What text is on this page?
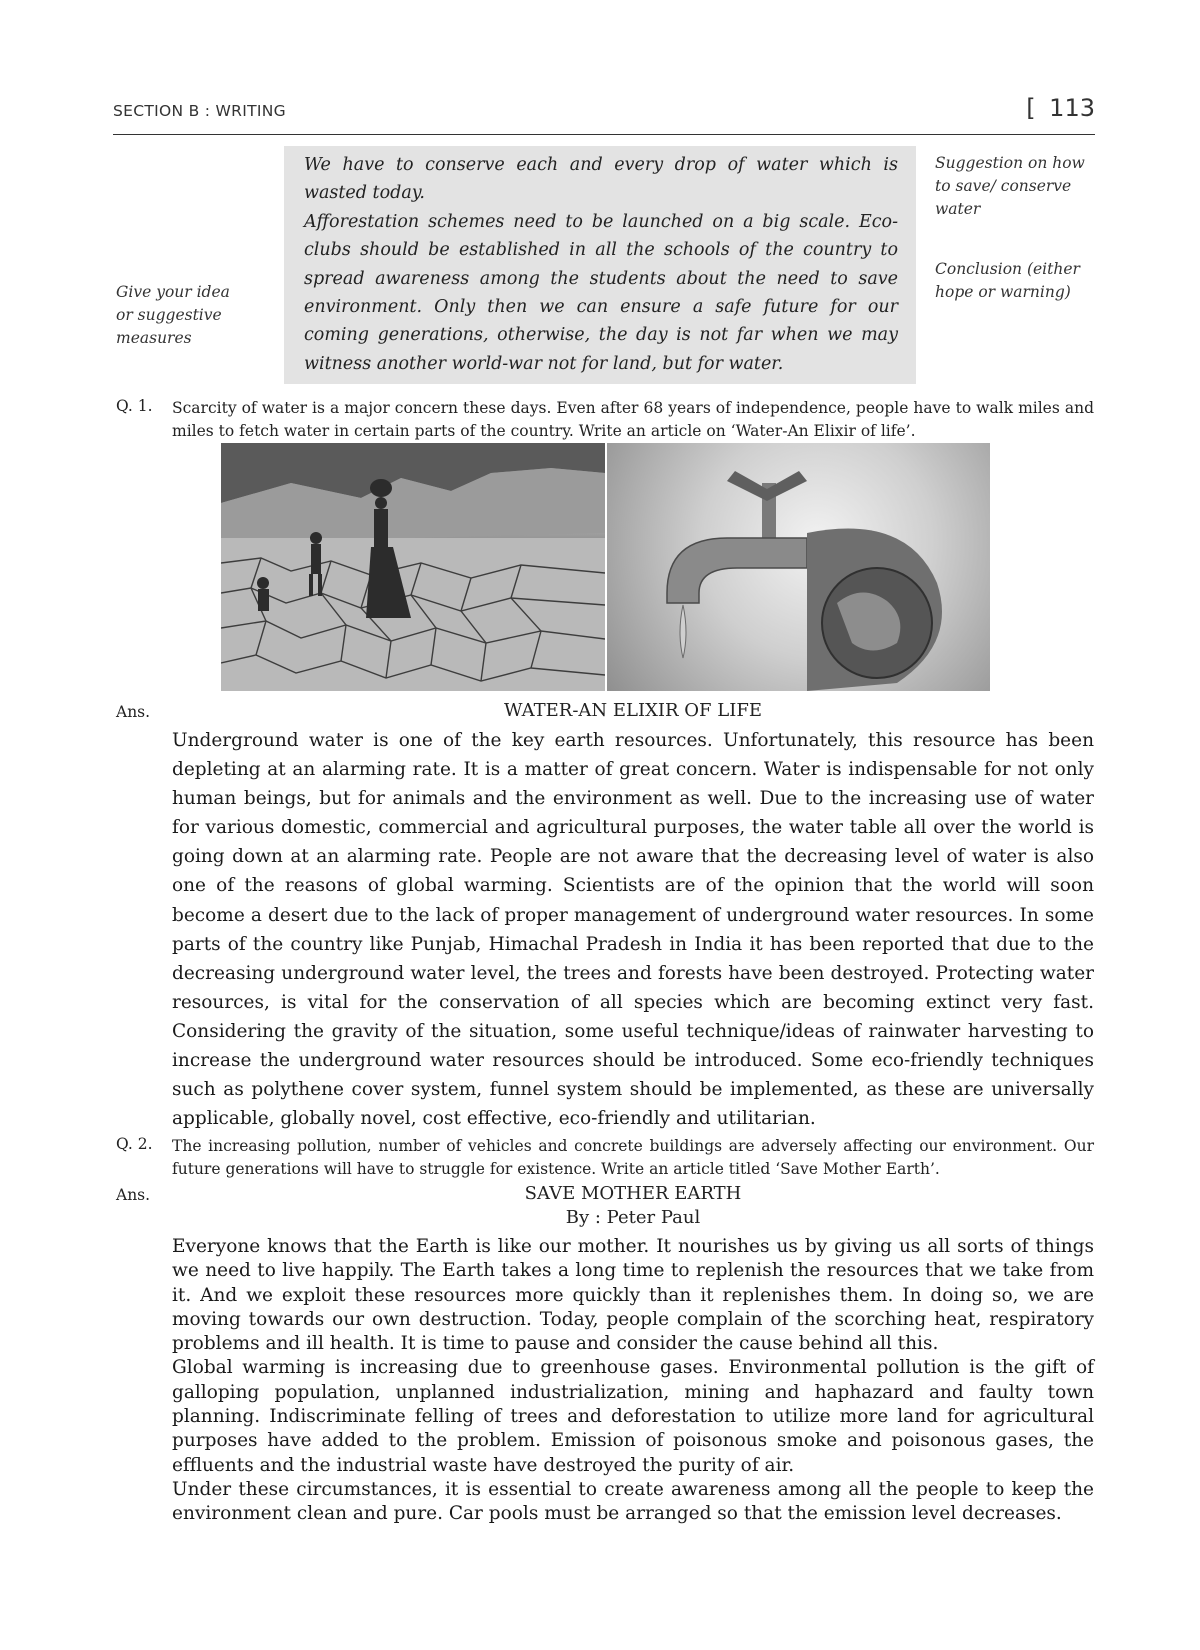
SECTION B : WRITING	[ 113

We have to conserve each and every drop of water which is wasted today.

Afforestation schemes need to be launched on a big scale. Eco-clubs should be established in all the schools of the country to spread awareness among the students about the need to save environment. Only then we can ensure a safe future for our coming generations, otherwise, the day is not far when we may witness another world-war not for land, but for water.

Suggestion on how to save/ conserve water
Conclusion (either hope or warning)
Give your idea or suggestive measures
Q. 1. Scarcity of water is a major concern these days. Even after 68 years of independence, people have to walk miles and miles to fetch water in certain parts of the country. Write an article on ‘Water-An Elixir of life’.
Ans.	WATER-AN ELIXIR OF LIFE
Underground water is one of the key earth resources. Unfortunately, this resource has been depleting at an alarming rate. It is a matter of great concern. Water is indispensable for not only human beings, but for animals and the environment as well. Due to the increasing use of water for various domestic, commercial and agricultural purposes, the water table all over the world is going down at an alarming rate. People are not aware that the decreasing level of water is also one of the reasons of global warming. Scientists are of the opinion that the world will soon become a desert due to the lack of proper management of underground water resources. In some parts of the country like Punjab, Himachal Pradesh in India it has been reported that due to the decreasing underground water level, the trees and forests have been destroyed. Protecting water resources, is vital for the conservation of all species which are becoming extinct very fast. Considering the gravity of the situation, some useful technique/ideas of rainwater harvesting to increase the underground water resources should be introduced. Some eco-friendly techniques such as polythene cover system, funnel system should be implemented, as these are universally applicable, globally novel, cost effective, eco-friendly and utilitarian.
Q. 2. The increasing pollution, number of vehicles and concrete buildings are adversely affecting our environment. Our future generations will have to struggle for existence. Write an article titled ‘Save Mother Earth’.
Ans.	SAVE MOTHER EARTH
By : Peter Paul

Everyone knows that the Earth is like our mother. It nourishes us by giving us all sorts of things we need to live happily. The Earth takes a long time to replenish the resources that we take from it. And we exploit these resources more quickly than it replenishes them. In doing so, we are moving towards our own destruction. Today, people complain of the scorching heat, respiratory problems and ill health. It is time to pause and consider the cause behind all this.

Global warming is increasing due to greenhouse gases. Environmental pollution is the gift of galloping population, unplanned industrialization, mining and haphazard and faulty town planning. Indiscriminate felling of trees and deforestation to utilize more land for agricultural purposes have added to the problem. Emission of poisonous smoke and poisonous gases, the effluents and the industrial waste have destroyed the purity of air.

Under these circumstances, it is essential to create awareness among all the people to keep the environment clean and pure. Car pools must be arranged so that the emission level decreases.
